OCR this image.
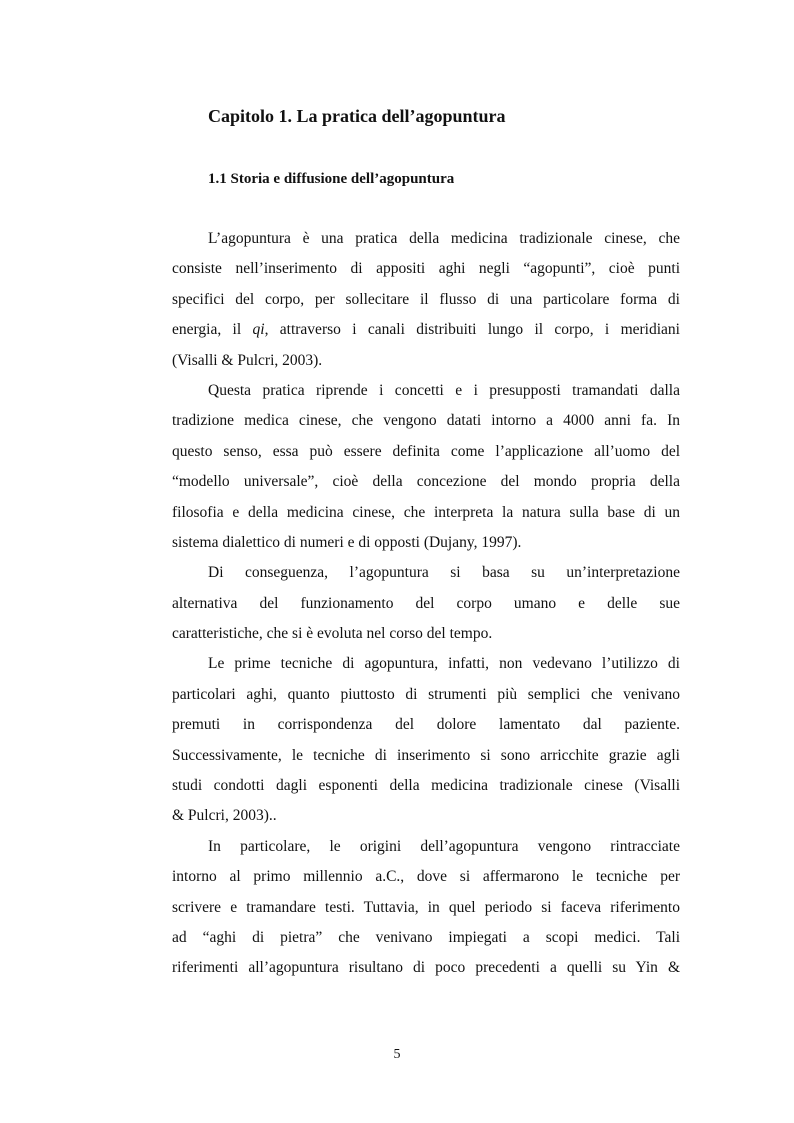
Capitolo 1. La pratica dell’agopuntura
1.1 Storia e diffusione dell’agopuntura

L’agopuntura è una pratica della medicina tradizionale cinese, che
consiste nell’inserimento di appositi aghi negli “agopunti”, cioè punti
specifici del corpo, per sollecitare il flusso di una particolare forma di
energia, il qi, attraverso i canali distribuiti lungo il corpo, i meridiani
(Visalli & Pulcri, 2003).

Questa pratica riprende i concetti e i presupposti tramandati dalla
tradizione medica cinese, che vengono datati intorno a 4000 anni fa. In
questo senso, essa può essere definita come l’applicazione all’uomo del
“modello universale”, cioè della concezione del mondo propria della
filosofia e della medicina cinese, che interpreta la natura sulla base di un
sistema dialettico di numeri e di opposti (Dujany, 1997).

Di conseguenza, l’agopuntura si basa su un’interpretazione
alternativa del funzionamento del corpo umano e delle sue
caratteristiche, che si è evoluta nel corso del tempo.

Le prime tecniche di agopuntura, infatti, non vedevano l’utilizzo di
particolari aghi, quanto piuttosto di strumenti più semplici che venivano
premuti in corrispondenza del dolore lamentato dal paziente.
Successivamente, le tecniche di inserimento si sono arricchite grazie agli
studi condotti dagli esponenti della medicina tradizionale cinese (Visalli
& Pulcri, 2003)..

In particolare, le origini dell’agopuntura vengono rintracciate
intorno al primo millennio a.C., dove si affermarono le tecniche per
scrivere e tramandare testi. Tuttavia, in quel periodo si faceva riferimento
ad “aghi di pietra” che venivano impiegati a scopi medici. Tali
riferimenti all’agopuntura risultano di poco precedenti a quelli su Yin &

5
